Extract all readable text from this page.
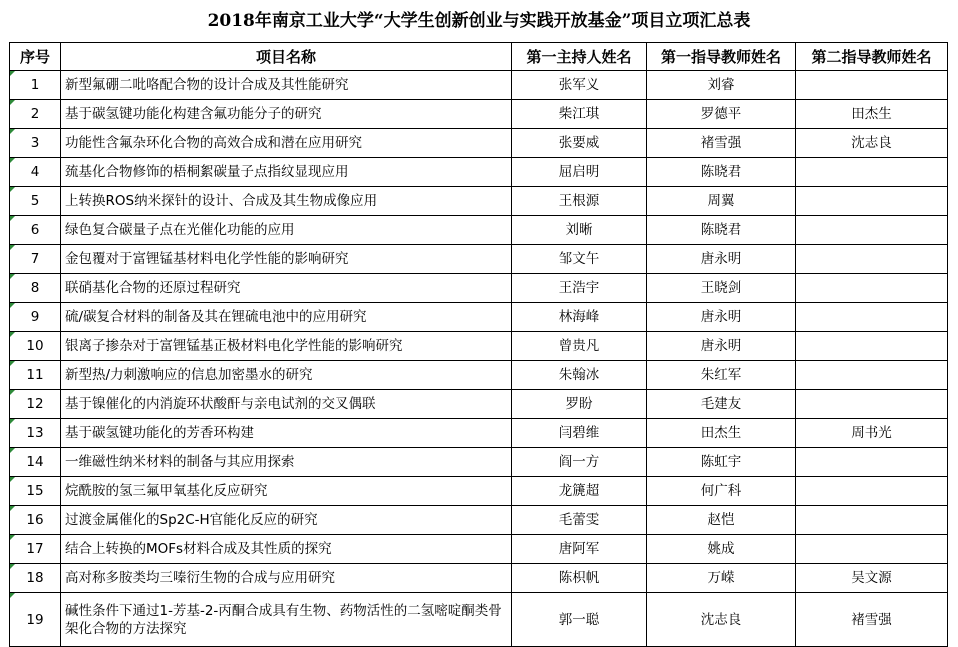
2018年南京工业大学“大学生创新创业与实践开放基金”项目立项汇总表
序号	项目名称	第一主持人姓名	第一指导教师姓名	第二指导教师姓名
1	新型氟硼二吡咯配合物的设计合成及其性能研究	张军义	刘睿	
2	基于碳氢键功能化构建含氟功能分子的研究	柴江琪	罗德平	田杰生
3	功能性含氟杂环化合物的高效合成和潜在应用研究	张要威	褚雪强	沈志良
4	巯基化合物修饰的梧桐絮碳量子点指纹显现应用	屈启明	陈晓君	
5	上转换ROS纳米探针的设计、合成及其生物成像应用	王根源	周翼	
6	绿色复合碳量子点在光催化功能的应用	刘晰	陈晓君	
7	金包覆对于富锂锰基材料电化学性能的影响研究	邹文午	唐永明	
8	联硝基化合物的还原过程研究	王浩宇	王晓剑	
9	硫/碳复合材料的制备及其在锂硫电池中的应用研究	林海峰	唐永明	
10	银离子掺杂对于富锂锰基正极材料电化学性能的影响研究	曾贵凡	唐永明	
11	新型热/力刺激响应的信息加密墨水的研究	朱翰冰	朱红军	
12	基于镍催化的内消旋环状酸酐与亲电试剂的交叉偶联	罗盼	毛建友	
13	基于碳氢键功能化的芳香环构建	闫碧维	田杰生	周书光
14	一维磁性纳米材料的制备与其应用探索	阎一方	陈虹宇	
15	烷酰胺的氢三氟甲氧基化反应研究	龙篪超	何广科	
16	过渡金属催化的Sp2C-H官能化反应的研究	毛蕾雯	赵恺	
17	结合上转换的MOFs材料合成及其性质的探究	唐阿军	姚成	
18	高对称多胺类均三嗪衍生物的合成与应用研究	陈枳帆	万嵘	吴文源
19	碱性条件下通过1-芳基-2-丙酮合成具有生物、药物活性的二氢嘧啶酮类骨架化合物的方法探究	郭一聪	沈志良	褚雪强
